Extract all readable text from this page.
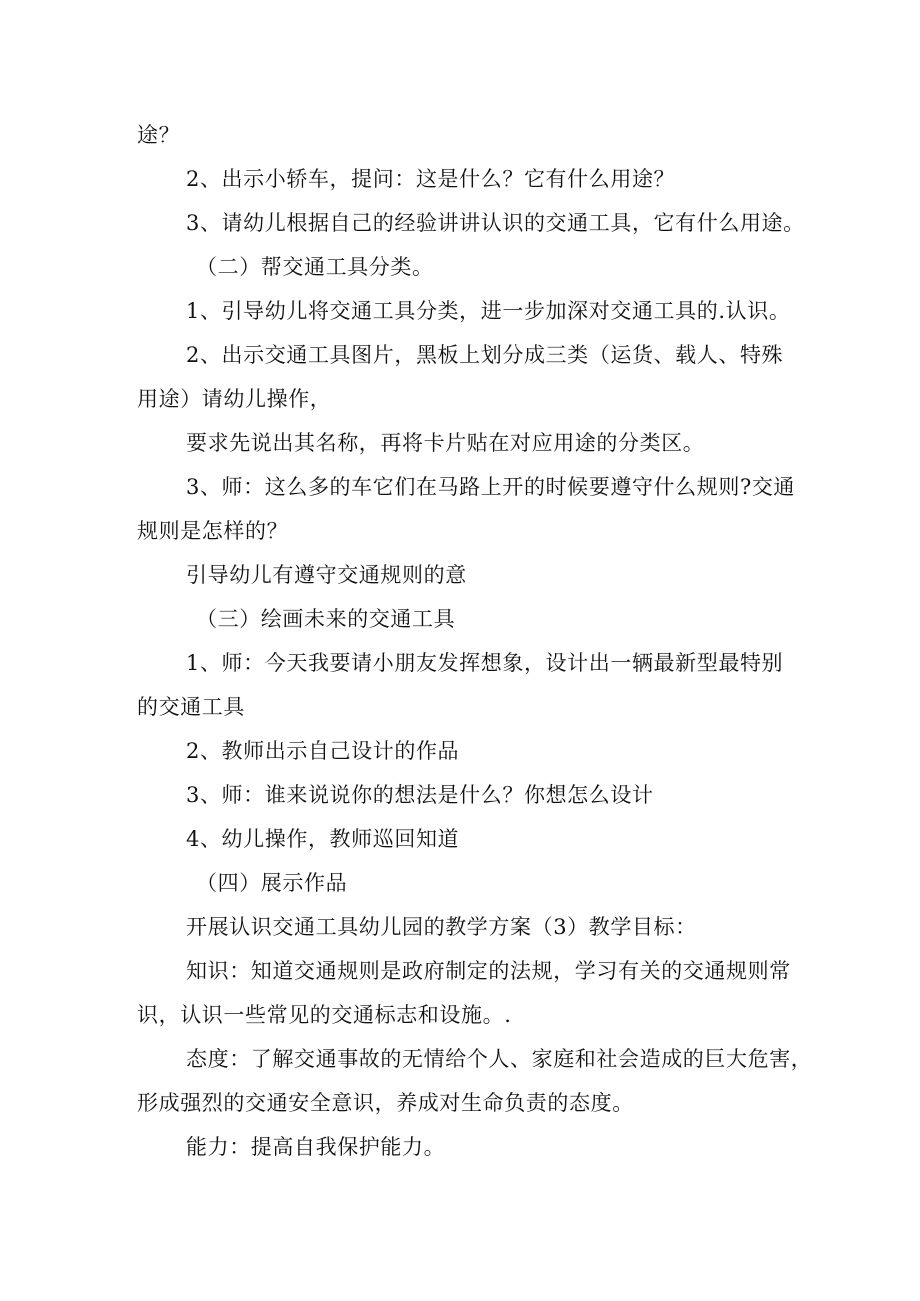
途？
2、出示小轿车，提问：这是什么？它有什么用途？
3、请幼儿根据自己的经验讲讲认识的交通工具，它有什么用途。
（二）帮交通工具分类。
1、引导幼儿将交通工具分类，进一步加深对交通工具的.认识。
2、出示交通工具图片，黑板上划分成三类（运货、载人、特殊
用途）请幼儿操作，
要求先说出其名称，再将卡片贴在对应用途的分类区。
3、师：这么多的车它们在马路上开的时候要遵守什么规则?交通
规则是怎样的？
引导幼儿有遵守交通规则的意
（三）绘画未来的交通工具
1、师：今天我要请小朋友发挥想象，设计出一辆最新型最特别
的交通工具
2、教师出示自己设计的作品
3、师：谁来说说你的想法是什么？你想怎么设计
4、幼儿操作，教师巡回知道
（四）展示作品
开展认识交通工具幼儿园的教学方案（3）教学目标：
知识：知道交通规则是政府制定的法规，学习有关的交通规则常
识，认识一些常见的交通标志和设施。.
态度：了解交通事故的无情给个人、家庭和社会造成的巨大危害，
形成强烈的交通安全意识，养成对生命负责的态度。
能力：提高自我保护能力。
